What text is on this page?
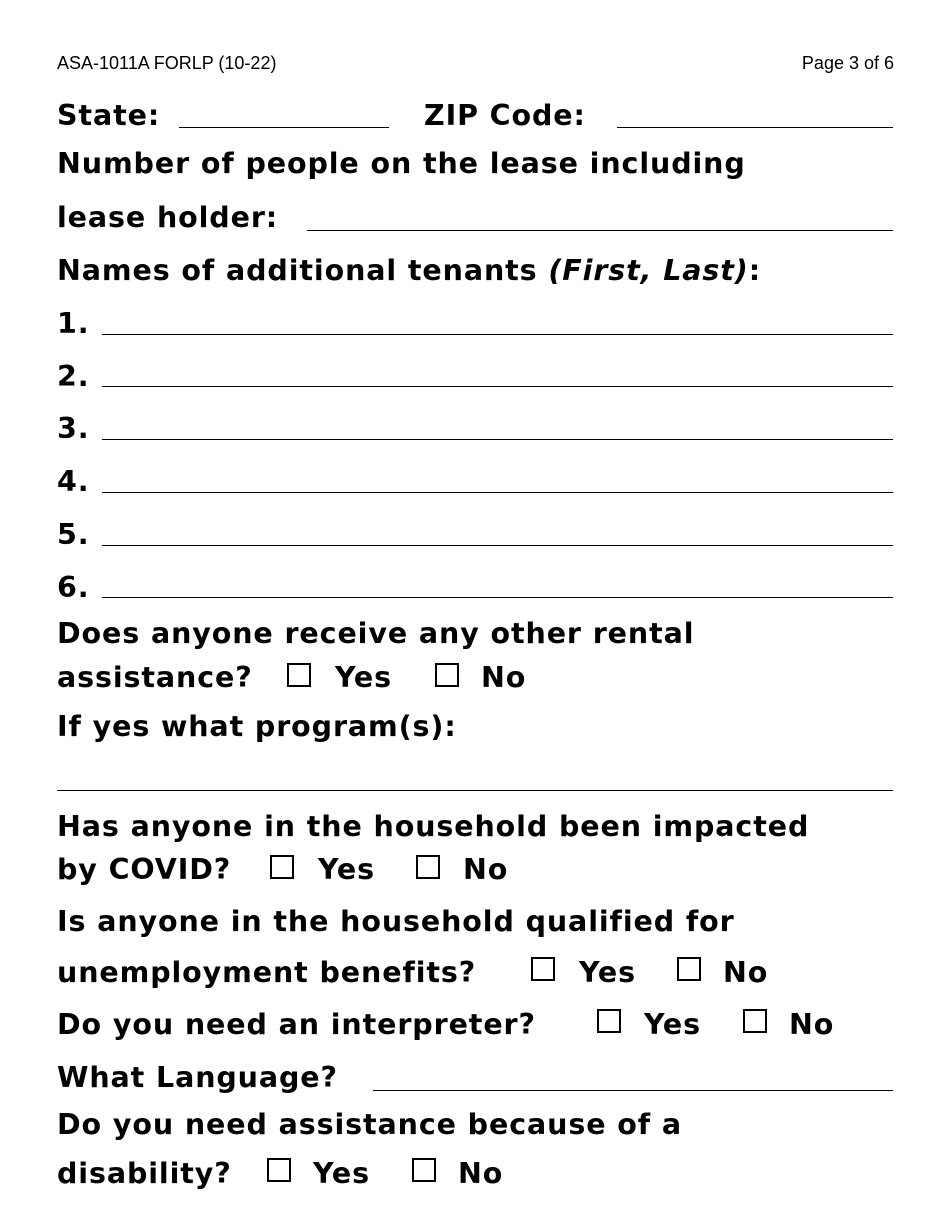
ASA-1011A FORLP (10-22)	Page 3 of 6
State:	ZIP Code:
Number of people on the lease including
lease holder:
Names of additional tenants (First, Last):
1.
2.
3.
4.
5.
6.
Does anyone receive any other rental
assistance?	Yes	No
If yes what program(s):
Has anyone in the household been impacted
by COVID?	Yes	No
Is anyone in the household qualified for
unemployment benefits?	Yes	No
Do you need an interpreter?	Yes	No
What Language?
Do you need assistance because of a
disability?	Yes	No
